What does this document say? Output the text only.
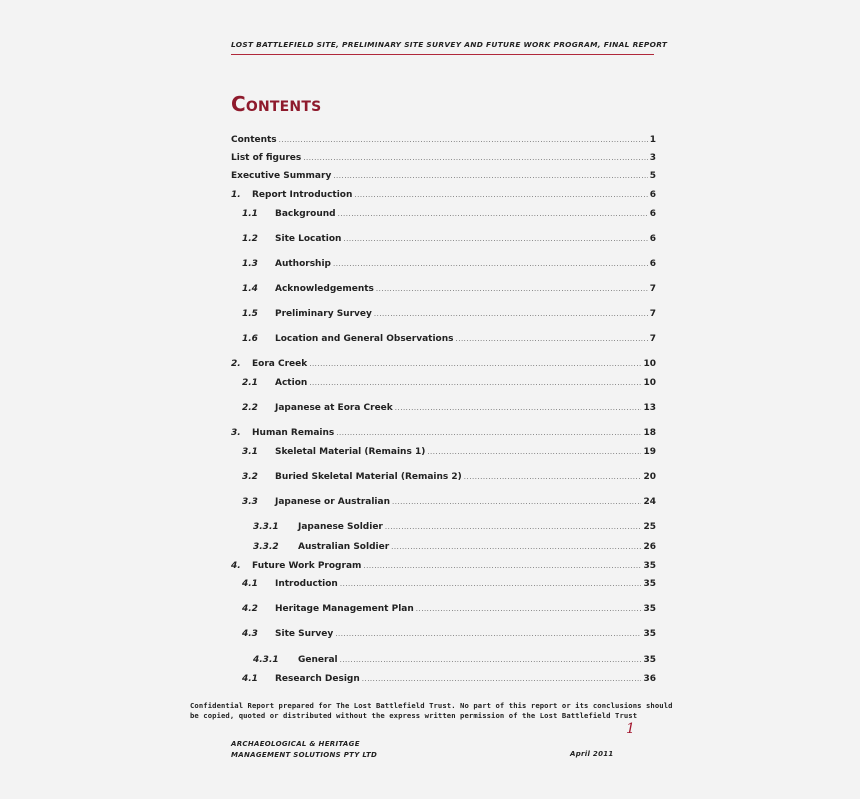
LOST BATTLEFIELD SITE, PRELIMINARY SITE SURVEY AND FUTURE WORK PROGRAM, FINAL REPORT
Contents
Contents .....	1
List of figures .....	3
Executive Summary .....	5
1. Report Introduction .....	6
1.1 Background .....	6
1.2 Site Location .....	6
1.3 Authorship .....	6
1.4 Acknowledgements .....	7
1.5 Preliminary Survey .....	7
1.6 Location and General Observations .....	7
2. Eora Creek .....	10
2.1 Action .....	10
2.2 Japanese at Eora Creek .....	13
3. Human Remains .....	18
3.1 Skeletal Material (Remains 1) .....	19
3.2 Buried Skeletal Material (Remains 2) .....	20
3.3 Japanese or Australian .....	24
3.3.1 Japanese Soldier .....	25
3.3.2 Australian Soldier .....	26
4. Future Work Program .....	35
4.1 Introduction .....	35
4.2 Heritage Management Plan .....	35
4.3 Site Survey .....	35
4.3.1 General .....	35
4.1 Research Design .....	36
Confidential Report prepared for The Lost Battlefield Trust. No part of this report or its conclusions should
be copied, quoted or distributed without the express written permission of the Lost Battlefield Trust
1
ARCHAEOLOGICAL & HERITAGE
MANAGEMENT SOLUTIONS PTY LTD	April 2011
